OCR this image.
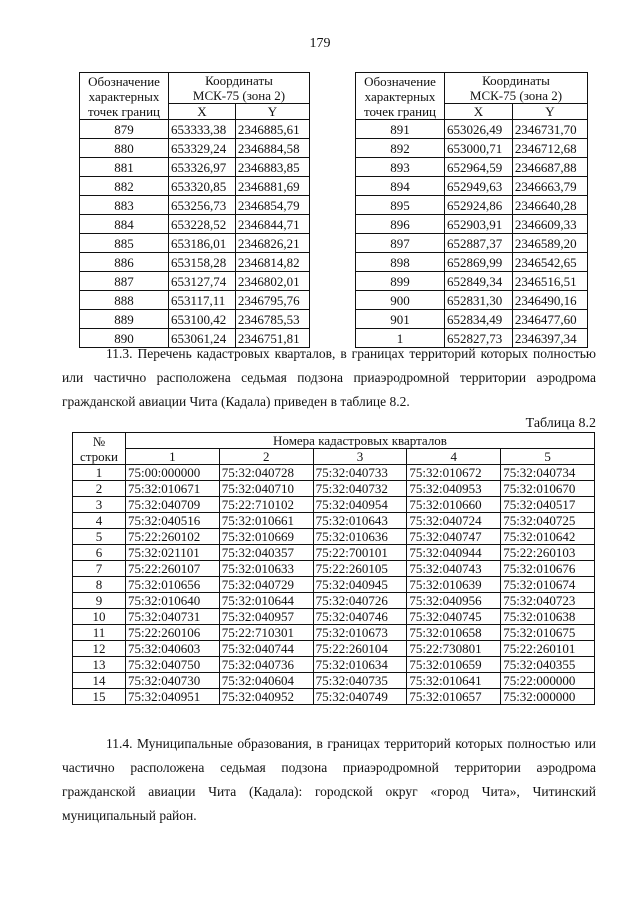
179
Обозначение
характерных
точек границ	Координаты
МСК-75 (зона 2)	
	X	Y
879	653333,38	2346885,61
880	653329,24	2346884,58
881	653326,97	2346883,85
882	653320,85	2346881,69
883	653256,73	2346854,79
884	653228,52	2346844,71
885	653186,01	2346826,21
886	653158,28	2346814,82
887	653127,74	2346802,01
888	653117,11	2346795,76
889	653100,42	2346785,53
890	653061,24	2346751,81
Обозначение
характерных
точек границ	Координаты
МСК-75 (зона 2)	
	X	Y
891	653026,49	2346731,70
892	653000,71	2346712,68
893	652964,59	2346687,88
894	652949,63	2346663,79
895	652924,86	2346640,28
896	652903,91	2346609,33
897	652887,37	2346589,20
898	652869,99	2346542,65
899	652849,34	2346516,51
900	652831,30	2346490,16
901	652834,49	2346477,60
1	652827,73	2346397,34
11.3. Перечень кадастровых кварталов, в границах территорий которых полностью или частично расположена седьмая подзона приаэродромной территории аэродрома гражданской авиации Чита (Кадала) приведен в таблице 8.2.
Таблица 8.2
№
строки	Номера кадастровых кварталов				
	1	2	3	4	5
1	75:00:000000	75:32:040728	75:32:040733	75:32:010672	75:32:040734
2	75:32:010671	75:32:040710	75:32:040732	75:32:040953	75:32:010670
3	75:32:040709	75:22:710102	75:32:040954	75:32:010660	75:32:040517
4	75:32:040516	75:32:010661	75:32:010643	75:32:040724	75:32:040725
5	75:22:260102	75:32:010669	75:32:010636	75:32:040747	75:32:010642
6	75:32:021101	75:32:040357	75:22:700101	75:32:040944	75:22:260103
7	75:22:260107	75:32:010633	75:22:260105	75:32:040743	75:32:010676
8	75:32:010656	75:32:040729	75:32:040945	75:32:010639	75:32:010674
9	75:32:010640	75:32:010644	75:32:040726	75:32:040956	75:32:040723
10	75:32:040731	75:32:040957	75:32:040746	75:32:040745	75:32:010638
11	75:22:260106	75:22:710301	75:32:010673	75:32:010658	75:32:010675
12	75:32:040603	75:32:040744	75:22:260104	75:22:730801	75:22:260101
13	75:32:040750	75:32:040736	75:32:010634	75:32:010659	75:32:040355
14	75:32:040730	75:32:040604	75:32:040735	75:32:010641	75:22:000000
15	75:32:040951	75:32:040952	75:32:040749	75:32:010657	75:32:000000
11.4. Муниципальные образования, в границах территорий которых полностью или частично расположена седьмая подзона приаэродромной территории аэродрома гражданской авиации Чита (Кадала): городской округ «город Чита», Читинский муниципальный район.
